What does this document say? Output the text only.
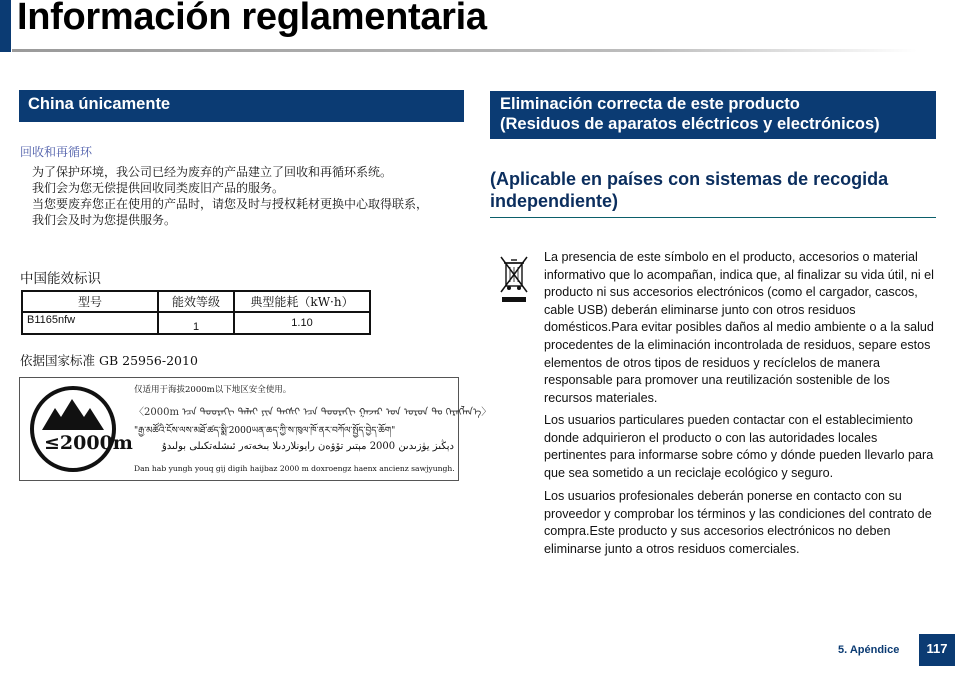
Información reglamentaria
China únicamente
回收和再循环
为了保护环境，我公司已经为废弃的产品建立了回收和再循环系统。
我们会为您无偿提供回收同类废旧产品的服务。
当您要废弃您正在使用的产品时，请您及时与授权耗材更换中心取得联系，
我们会及时为您提供服务。
中国能效标识
型号	能效等级	典型能耗（kW·h）
B1165nfw	1	1.10
依据国家标准 GB 25956-2010
≤2000m
仅适用于海拔2000m以下地区安全使用。
〈2000m ᠡᠴᠡ ᠳᠣᠣᠷᠠᠬᠢ ᠳᠠᠯᠠᠢ ᠶᠢᠨ ᠲᠡᠭᠰᠢ ᠡᠴᠡ ᠳᠣᠣᠷᠠᠬᠢ ᠭᠠᠵᠠᠷ ᠤᠨ ᠣᠷᠣᠨ ᠲᠤ ᠬᠡᠷᠡᠭᠯᠡᠨ᠎ᠡ〉
"རྒྱ་མཚོའི་ངོས་ལས་མཐོ་ཚད་སྨི་2000ཡན་ཆད་ཀྱི་ས་ཁུལ་ཁོ་ནར་བཀོལ་སྤྱོད་བྱེད་ཆོག"
دېڭىز يۈزىدىن 2000 مېتىر تۆۋەن رايونلاردىلا بىخەتەر ئىشلەتكىلى بولىدۇ
Dan hab yungh youq gij digih haijbaz 2000 m doxroengz haenx ancienz sawjyungh.
Eliminación correcta de este producto
(Residuos de aparatos eléctricos y electrónicos)
(Aplicable en países con sistemas de recogida independiente)
La presencia de este símbolo en el producto, accesorios o material informativo que lo acompañan, indica que, al finalizar su vida útil, ni el producto ni sus accesorios electrónicos (como el cargador, cascos, cable USB) deberán eliminarse junto con otros residuos domésticos.Para evitar posibles daños al medio ambiente o a la salud procedentes de la eliminación incontrolada de residuos, separe estos elementos de otros tipos de residuos y recíclelos de manera responsable para promover una reutilización sostenible de los recursos materiales.
Los usuarios particulares pueden contactar con el establecimiento donde adquirieron el producto o con las autoridades locales pertinentes para informarse sobre cómo y dónde pueden llevarlo para que sea sometido a un reciclaje ecológico y seguro.
Los usuarios profesionales deberán ponerse en contacto con su proveedor y comprobar los términos y las condiciones del contrato de compra.Este producto y sus accesorios electrónicos no deben eliminarse junto a otros residuos comerciales.
5. Apéndice	117
